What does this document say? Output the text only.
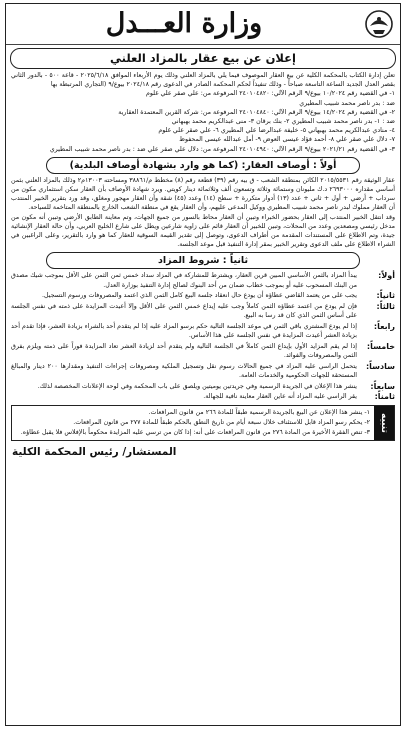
وزارة العـــدل
إعلان عن بيع عقار بالمزاد العلني

تعلن إدارة الكتاب بالمحكمة الكلية عن بيع العقار الموصوف فيما يلي بالمزاد العلني وذلك يوم الأربعاء الموافق ٢٠٢٥/٦/١٨ - قاعة ٥٠٠ - بالدور الثاني بقصر العدل الجديد الساعة التاسعة صباحاً - وذلك تنفيذاً لحكم المحكمة الصادر في الدعوى رقم ٢٠٢٤/١٨ بيوع/٩ (التجاري المرتبطة بها

١- في القضية رقم ١٠/٢٠٢٤ بيوع/٩ الرقم الآلي: ٢٤٠١٠٤٨٢٠ المرفوعة من: علي صقر علي غلوم

ضد : بدر ناصر محمد شبيب المطيري

٢- في القضية رقم ١٤/٢٠٢٤ بيوع/٩ الرقم الآلي: ٢٤٠١٠٤٨٤٠ المرفوعة من: شركة القرين المعتمدة العقارية

ضد : ١- بدر ناصر محمد شبيب المطيري ٢- بنك برقان ٣- منى عبدالكريم محمد بهبهاني

٤- منادي عبدالكريم محمد بهبهاني ٥- خليفة عبدالرضا علي المطيري ٦- علي صقر علي غلوم

٧- دلال علي صقر علي ٨- أحمد فؤاد عيسى العوض ٩- أمل عبدالله عيسى المحفوظ

٣- في القضية رقم ٢٠٢١/٢١ بيوع/٩ الرقم الآلي: ٢٤٠١٠٤٩٤٠ المرفوعة من: دلال علي صقر علي ضد : بدر ناصر محمد شبيب المطيري

أولاً : أوصاف العقار: (كما هو وارد بشهادة أوصاف البلدية)

عقار الوثيقة رقم ٢٠١٥/٥٥٣١ الكائن بمنطقة الشعب - ق بيه رقم (٣٩) قطعة رقم (٨) مخطط م/٣٨٨٦١ ومساحته ١٣٠٠٣م٢ وذلك بالمزاد العلني بثمن أساسي مقداره ٢٦٩٣٠٠٠ د.ك مليونان وستمائة وثلاثة وتسعون ألف وثلاثمائة دينار كويتي. ويرد شهادة الأوصاف بأن العقار سكن استثماري مكون من سرداب + أرضي + أول + ثاني + عدد (١٣) أدوار متكررة + سطح (١٤) وعدد (٤٥) شقة وأن العقار مهجور ومغلق، وقد ورد بتقرير الخبير المنتدب أن العقار مملوك لبدر ناصر محمد شبيب المطيري ووكيل المدعى عليهم، وأن العقار يقع في منطقة الشعب الخارج بالمنطقة المتاخمة للسياحة.

وقد انتقل الخبير المنتدب إلى العقار بحضور الخبراء وتبين أن العقار محاط بالسور من جميع الجهات، وتم معاينة الطابق الأرضي وتبين أنه مكون من مدخل رئيسي ومصعدين وعدد من المحلات، وتبين للخبير أن العقار قائم على زاوية شارعين ويطل على شارع الخليج العربي، وأن حالة العقار الإنشائية جيدة، وتم الاطلاع على المستندات المقدمة من أطراف الدعوى، وتوصل إلى تقدير القيمة السوقية للعقار كما هو وارد بالتقرير، وعلى الراغبين في الشراء الاطلاع على ملف الدعوى وتقرير الخبير بمقر إدارة التنفيذ قبل موعد الجلسة.

ثانياً : شروط المزاد
أولاً:
يبدأ المزاد بالثمن الأساسي المبين قرين العقار، ويشترط للمشاركة في المزاد سداد خمس ثمن الثمن على الأقل بموجب شيك مصدق من البنك المسحوب عليه أو بموجب خطاب ضمان من أحد البنوك لصالح إدارة التنفيذ بوزارة العدل.
ثانياً:
يجب على من يعتمد القاضي عطاؤه أن يودع حال انعقاد جلسة البيع كامل الثمن الذي اعتمد والمصروفات ورسوم التسجيل.
ثالثاً:
فإن لم يودع من اعتمد عطاؤه الثمن كاملاً وجب عليه إيداع خمس الثمن على الأقل وإلا أعيدت المزايدة على ذمته في نفس الجلسة على أساس الثمن الذي كان قد رسا به البيع.
رابعاً:
إذا لم يودع المشتري باقي الثمن في موعد الجلسة التالية حكم برسو المزاد عليه إذا لم يتقدم أحد بالشراء بزيادة العشر، فإذا تقدم أحد بزيادة العشر أعيدت المزايدة في نفس الجلسة على هذا الأساس.
خامساً:
إذا لم يقم المزايد الأول بإيداع الثمن كاملاً في الجلسة التالية ولم يتقدم أحد لزيادة العشر تعاد المزايدة فوراً على ذمته ويلزم بفرق الثمن والمصروفات والفوائد.
سادساً:
يتحمل الراسي عليه المزاد في جميع الحالات رسوم نقل وتسجيل الملكية ومصروفات إجراءات التنفيذ ومقدارها ٢٠٠ دينار والمبالغ المستحقة للجهات الحكومية والخدمات العامة.
سابعاً:
ينشر هذا الإعلان في الجريدة الرسمية وفي جريدتين يوميتين ويلصق على باب المحكمة وفي لوحة الإعلانات المخصصة لذلك.
ثامناً:
يقر الراسي عليه المزاد أنه عاين العقار معاينة نافية للجهالة.
تنبيه
١- ينشر هذا الإعلان عن البيع بالجريدة الرسمية طبقاً للمادة ٢٦٦ من قانون المرافعات.
٢- يحكم رسو المزاد قابل للاستئناف خلال سبعة أيام من تاريخ النطق بالحكم طبقاً للمادة ٢٧٧ من قانون المرافعات.
٣- تنص الفقرة الأخيرة من المادة ٢٧٦ من قانون المرافعات على أنه: إذا كان من ترسي عليه المزايدة محكوماً بالإفلاس فلا يقبل عطاؤه.
المستشار/ رئيس المحكمة الكلية
